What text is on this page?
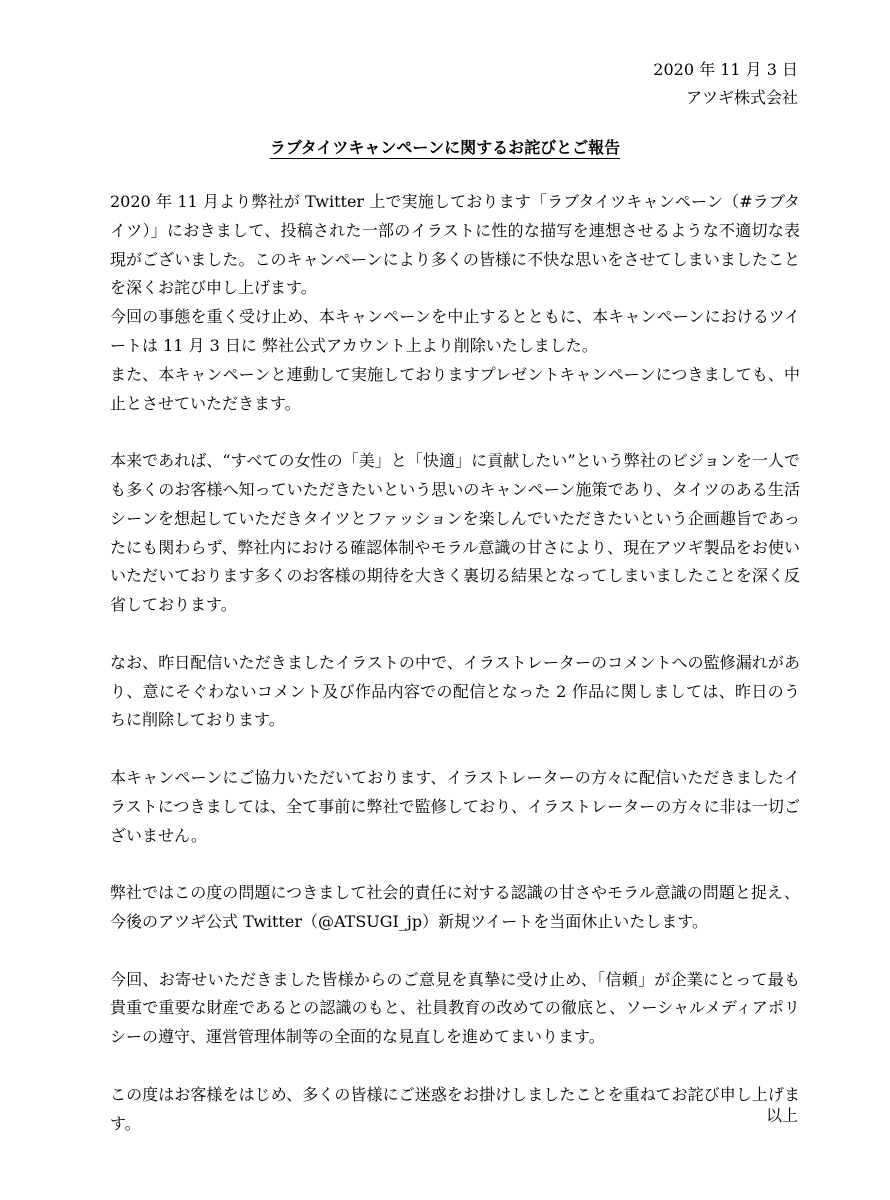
2020 年 11 月 3 日
アツギ株式会社
ラブタイツキャンペーンに関するお詫びとご報告

2020 年 11 月より弊社が Twitter 上で実施しております「ラブタイツキャンペーン（#ラブタイツ）」におきまして、投稿された一部のイラストに性的な描写を連想させるような不適切な表現がございました。このキャンペーンにより多くの皆様に不快な思いをさせてしまいましたことを深くお詫び申し上げます。

今回の事態を重く受け止め、本キャンペーンを中止するとともに、本キャンペーンにおけるツイートは 11 月 3 日に 弊社公式アカウント上より削除いたしました。

また、本キャンペーンと連動して実施しておりますプレゼントキャンペーンにつきましても、中止とさせていただきます。

本来であれば、“すべての女性の「美」と「快適」に貢献したい”という弊社のビジョンを一人でも多くのお客様へ知っていただきたいという思いのキャンペーン施策であり、タイツのある生活シーンを想起していただきタイツとファッションを楽しんでいただきたいという企画趣旨であったにも関わらず、弊社内における確認体制やモラル意識の甘さにより、現在アツギ製品をお使いいただいております多くのお客様の期待を大きく裏切る結果となってしまいましたことを深く反省しております。

なお、昨日配信いただきましたイラストの中で、イラストレーターのコメントへの監修漏れがあり、意にそぐわないコメント及び作品内容での配信となった 2 作品に関しましては、昨日のうちに削除しております。

本キャンペーンにご協力いただいております、イラストレーターの方々に配信いただきましたイラストにつきましては、全て事前に弊社で監修しており、イラストレーターの方々に非は一切ございません。

弊社ではこの度の問題につきまして社会的責任に対する認識の甘さやモラル意識の問題と捉え、今後のアツギ公式 Twitter（@ATSUGI_jp）新規ツイートを当面休止いたします。

今回、お寄せいただきました皆様からのご意見を真摯に受け止め、「信頼」が企業にとって最も貴重で重要な財産であるとの認識のもと、社員教育の改めての徹底と、ソーシャルメディアポリシーの遵守、運営管理体制等の全面的な見直しを進めてまいります。

この度はお客様をはじめ、多くの皆様にご迷惑をお掛けしましたことを重ねてお詫び申し上げます。	以上
